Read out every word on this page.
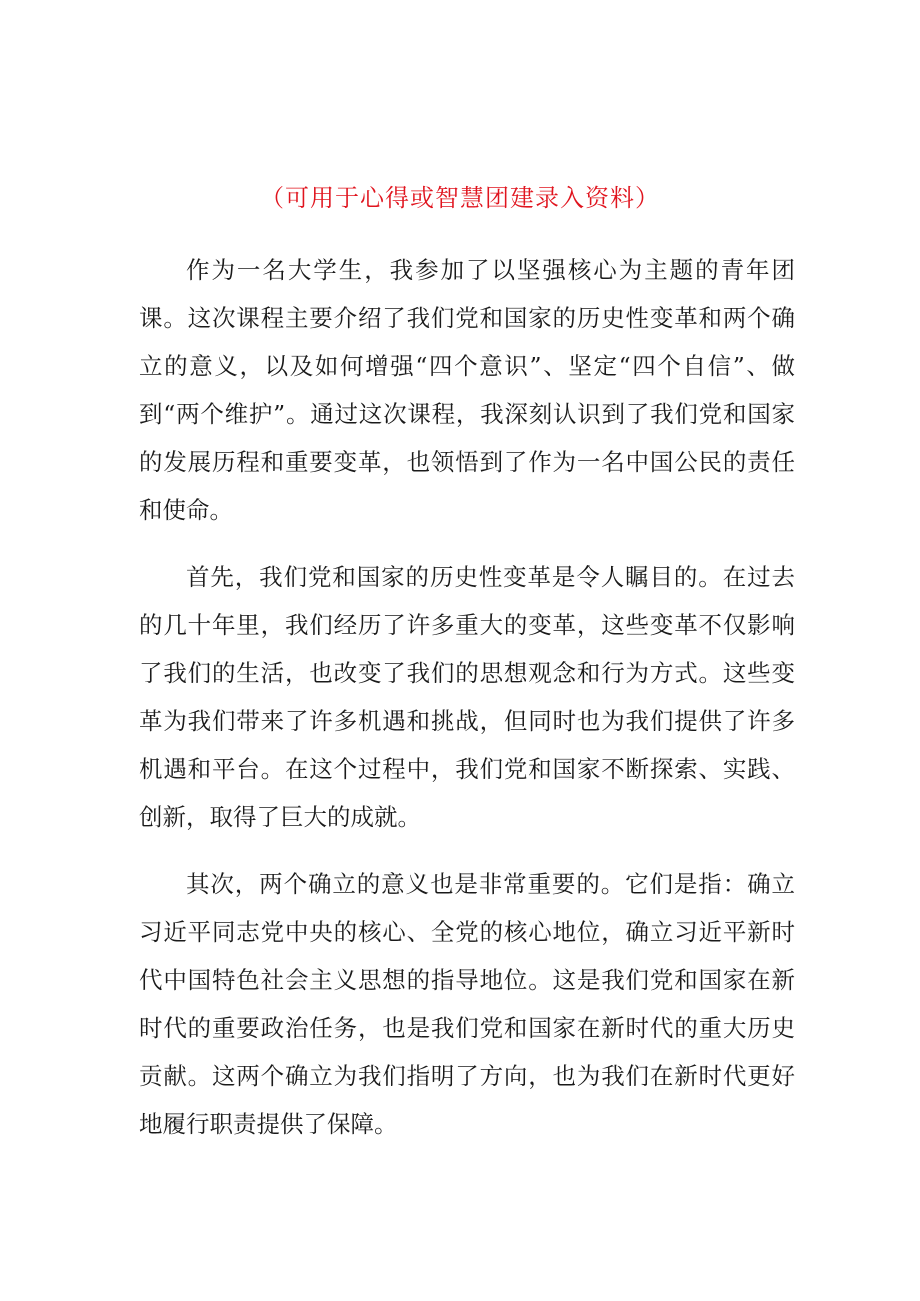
（可用于心得或智慧团建录入资料）

作为一名大学生，我参加了以坚强核心为主题的青年团课。这次课程主要介绍了我们党和国家的历史性变革和两个确立的意义，以及如何增强“四个意识”、坚定“四个自信”、做到“两个维护”。通过这次课程，我深刻认识到了我们党和国家的发展历程和重要变革，也领悟到了作为一名中国公民的责任和使命。

首先，我们党和国家的历史性变革是令人瞩目的。在过去的几十年里，我们经历了许多重大的变革，这些变革不仅影响了我们的生活，也改变了我们的思想观念和行为方式。这些变革为我们带来了许多机遇和挑战，但同时也为我们提供了许多机遇和平台。在这个过程中，我们党和国家不断探索、实践、创新，取得了巨大的成就。

其次，两个确立的意义也是非常重要的。它们是指：确立习近平同志党中央的核心、全党的核心地位，确立习近平新时代中国特色社会主义思想的指导地位。这是我们党和国家在新时代的重要政治任务，也是我们党和国家在新时代的重大历史贡献。这两个确立为我们指明了方向，也为我们在新时代更好地履行职责提供了保障。
